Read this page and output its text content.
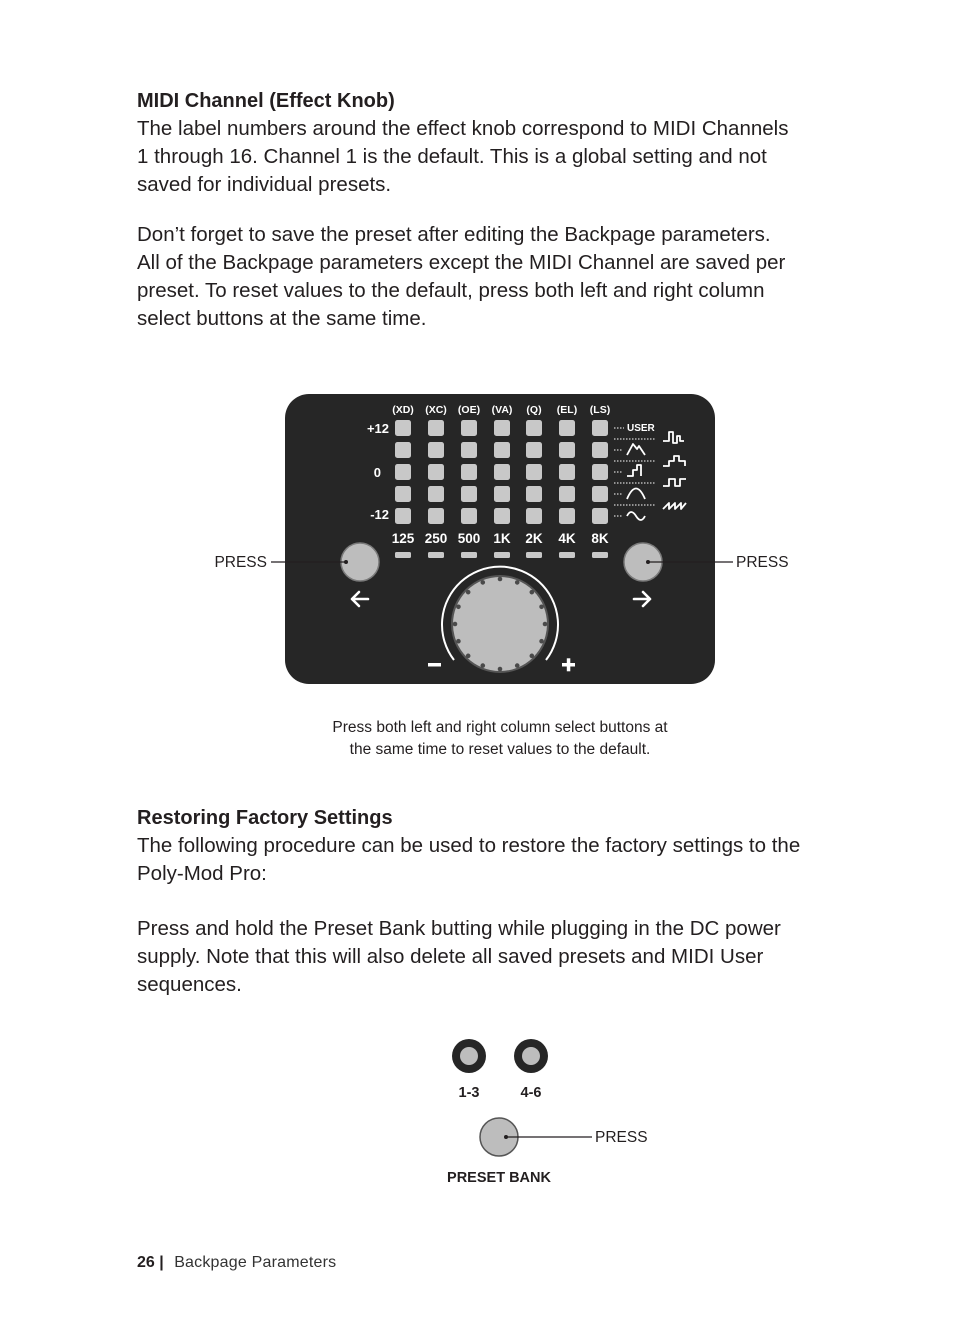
MIDI Channel (Effect Knob)
The label numbers around the effect knob correspond to MIDI Channels
1 through 16. Channel 1 is the default. This is a global setting and not
saved for individual presets.
Don’t forget to save the preset after editing the Backpage parameters.
All of the Backpage parameters except the MIDI Channel are saved per
preset. To reset values to the default, press both left and right column
select buttons at the same time.
(XD) (XC) (OE) (VA) (Q) (EL) (LS)
+12
0
-12
125 250 500 1K 2K 4K 8K
USER
PRESS	PRESS
Press both left and right column select buttons at
the same time to reset values to the default.
Restoring Factory Settings
The following procedure can be used to restore the factory settings to the
Poly-Mod Pro:
Press and hold the Preset Bank butting while plugging in the DC power
supply. Note that this will also delete all saved presets and MIDI User
sequences.
1-3	4-6
PRESS
PRESET BANK
26 | Backpage Parameters
